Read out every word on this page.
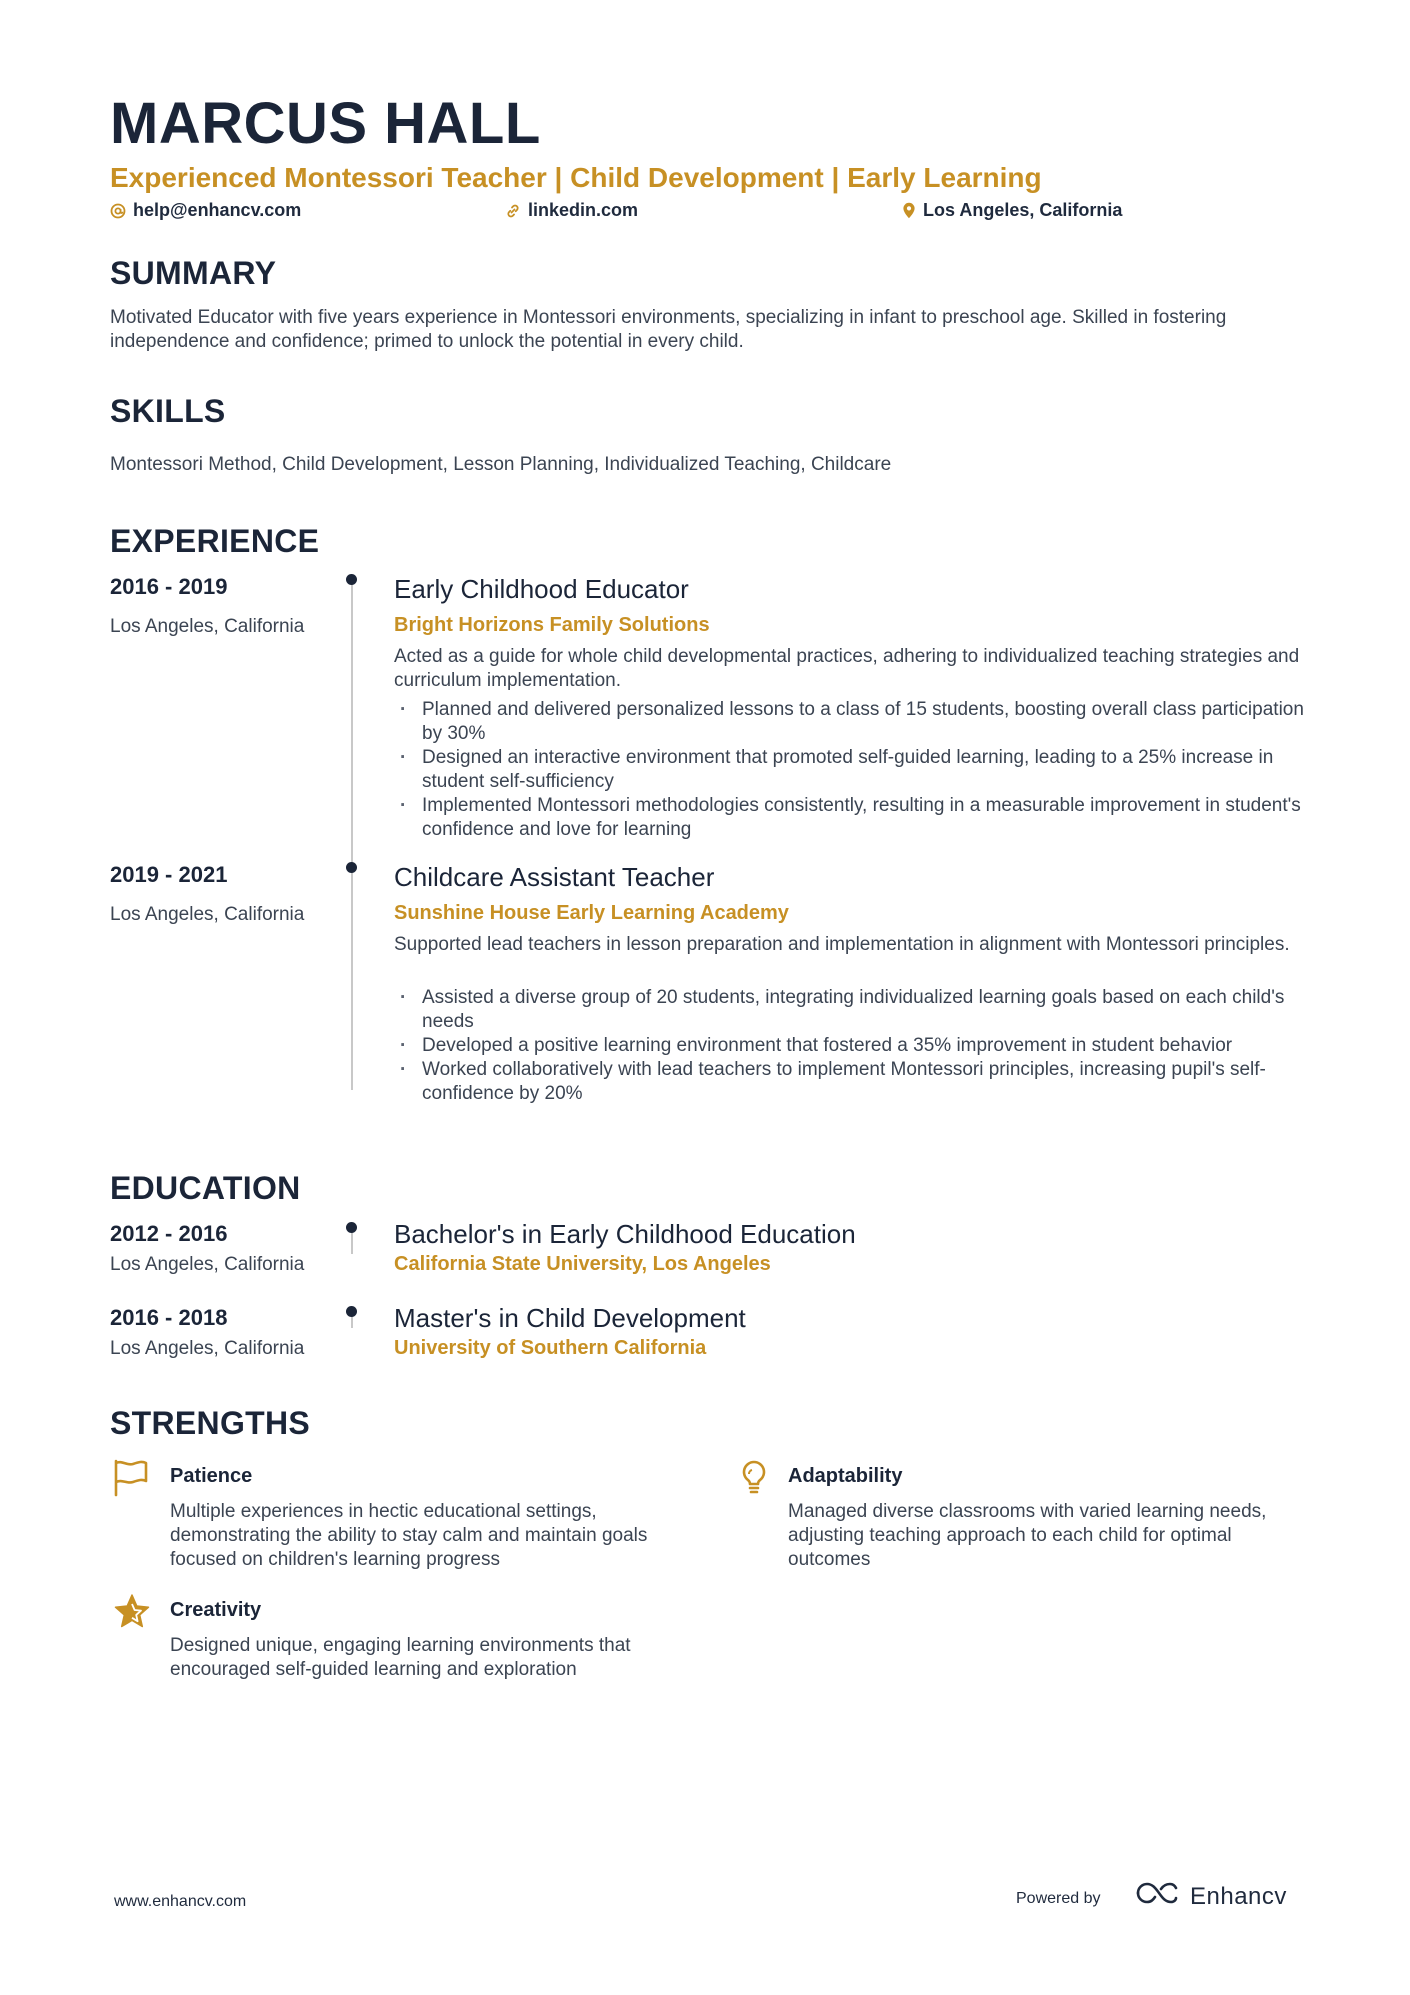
MARCUS HALL
Experienced Montessori Teacher | Child Development | Early Learning
help@enhancv.com	linkedin.com	Los Angeles, California
SUMMARY
Motivated Educator with five years experience in Montessori environments, specializing in infant to preschool age. Skilled in fostering independence and confidence; primed to unlock the potential in every child.
SKILLS
Montessori Method, Child Development, Lesson Planning, Individualized Teaching, Childcare
EXPERIENCE
2016 - 2019
Los Angeles, California
Early Childhood Educator
Bright Horizons Family Solutions
Acted as a guide for whole child developmental practices, adhering to individualized teaching strategies and curriculum implementation.
· Planned and delivered personalized lessons to a class of 15 students, boosting overall class participation by 30%
· Designed an interactive environment that promoted self-guided learning, leading to a 25% increase in student self-sufficiency
· Implemented Montessori methodologies consistently, resulting in a measurable improvement in student's confidence and love for learning
2019 - 2021
Los Angeles, California
Childcare Assistant Teacher
Sunshine House Early Learning Academy
Supported lead teachers in lesson preparation and implementation in alignment with Montessori principles.
· Assisted a diverse group of 20 students, integrating individualized learning goals based on each child's needs
· Developed a positive learning environment that fostered a 35% improvement in student behavior
· Worked collaboratively with lead teachers to implement Montessori principles, increasing pupil's self-confidence by 20%
EDUCATION
2012 - 2016
Los Angeles, California
Bachelor's in Early Childhood Education
California State University, Los Angeles
2016 - 2018
Los Angeles, California
Master's in Child Development
University of Southern California
STRENGTHS
Patience
Multiple experiences in hectic educational settings, demonstrating the ability to stay calm and maintain goals focused on children's learning progress
Adaptability
Managed diverse classrooms with varied learning needs, adjusting teaching approach to each child for optimal outcomes
Creativity
Designed unique, engaging learning environments that encouraged self-guided learning and exploration
www.enhancv.com	Powered by	Enhancv
